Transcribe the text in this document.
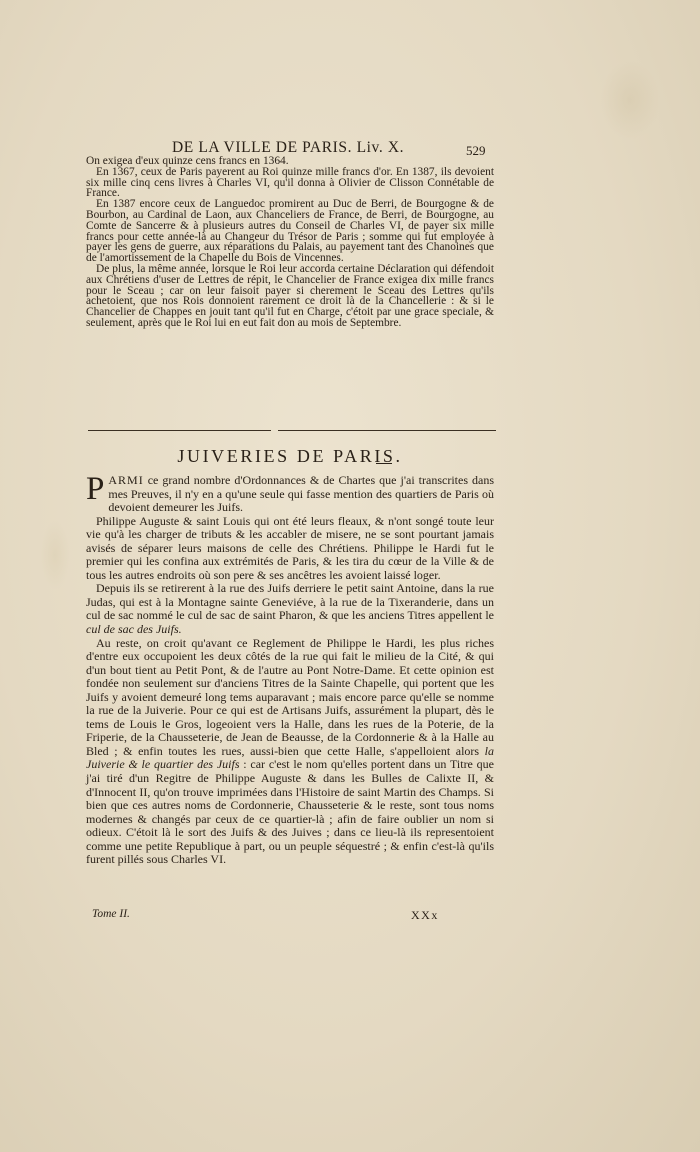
DE LA VILLE DE PARIS. Liv. X.	529

On exigea d'eux quinze cens francs en 1364.

En 1367, ceux de Paris payerent au Roi quinze mille francs d'or. En 1387, ils devoient six mille cinq cens livres à Charles VI, qu'il donna à Olivier de Clisson Connétable de France.

En 1387 encore ceux de Languedoc promirent au Duc de Berri, de Bourgogne & de Bourbon, au Cardinal de Laon, aux Chanceliers de France, de Berri, de Bourgogne, au Comte de Sancerre & à plusieurs autres du Conseil de Charles VI, de payer six mille francs pour cette année-là au Changeur du Trésor de Paris ; somme qui fut employée à payer les gens de guerre, aux réparations du Palais, au payement tant des Chanoines que de l'amortissement de la Chapelle du Bois de Vincennes.

De plus, la même année, lorsque le Roi leur accorda certaine Déclaration qui défendoit aux Chrétiens d'user de Lettres de répit, le Chancelier de France exigea dix mille francs pour le Sceau ; car on leur faisoit payer si cherement le Sceau des Lettres qu'ils achetoient, que nos Rois donnoient rarement ce droit là de la Chancellerie : & si le Chancelier de Chappes en jouit tant qu'il fut en Charge, c'étoit par une grace speciale, & seulement, après que le Roi lui en eut fait don au mois de Septembre.

JUIVERIES DE PARIS.

PARMI ce grand nombre d'Ordonnances & de Chartes que j'ai transcrites dans mes Preuves, il n'y en a qu'une seule qui fasse mention des quartiers de Paris où devoient demeurer les Juifs.

Philippe Auguste & saint Louis qui ont été leurs fleaux, & n'ont songé toute leur vie qu'à les charger de tributs & les accabler de misere, ne se sont pourtant jamais avisés de séparer leurs maisons de celle des Chrétiens. Philippe le Hardi fut le premier qui les confina aux extrémités de Paris, & les tira du cœur de la Ville & de tous les autres endroits où son pere & ses ancêtres les avoient laissé loger.

Depuis ils se retirerent à la rue des Juifs derriere le petit saint Antoine, dans la rue Judas, qui est à la Montagne sainte Geneviéve, à la rue de la Tixeranderie, dans un cul de sac nommé le cul de sac de saint Pharon, & que les anciens Titres appellent le cul de sac des Juifs.

Au reste, on croit qu'avant ce Reglement de Philippe le Hardi, les plus riches d'entre eux occupoient les deux côtés de la rue qui fait le milieu de la Cité, & qui d'un bout tient au Petit Pont, & de l'autre au Pont Notre-Dame. Et cette opinion est fondée non seulement sur d'anciens Titres de la Sainte Chapelle, qui portent que les Juifs y avoient demeuré long tems auparavant ; mais encore parce qu'elle se nomme la rue de la Juiverie. Pour ce qui est de Artisans Juifs, assurément la plupart, dès le tems de Louis le Gros, logeoient vers la Halle, dans les rues de la Poterie, de la Friperie, de la Chausseterie, de Jean de Beausse, de la Cordonnerie & à la Halle au Bled ; & enfin toutes les rues, aussi-bien que cette Halle, s'appelloient alors la Juiverie & le quartier des Juifs : car c'est le nom qu'elles portent dans un Titre que j'ai tiré d'un Regitre de Philippe Auguste & dans les Bulles de Calixte II, & d'Innocent II, qu'on trouve imprimées dans l'Histoire de saint Martin des Champs. Si bien que ces autres noms de Cordonnerie, Chausseterie & le reste, sont tous noms modernes & changés par ceux de ce quartier-là ; afin de faire oublier un nom si odieux. C'étoit là le sort des Juifs & des Juives ; dans ce lieu-là ils representoient comme une petite Republique à part, ou un peuple séquestré ; & enfin c'est-là qu'ils furent pillés sous Charles VI.

Tome II.	XXx
